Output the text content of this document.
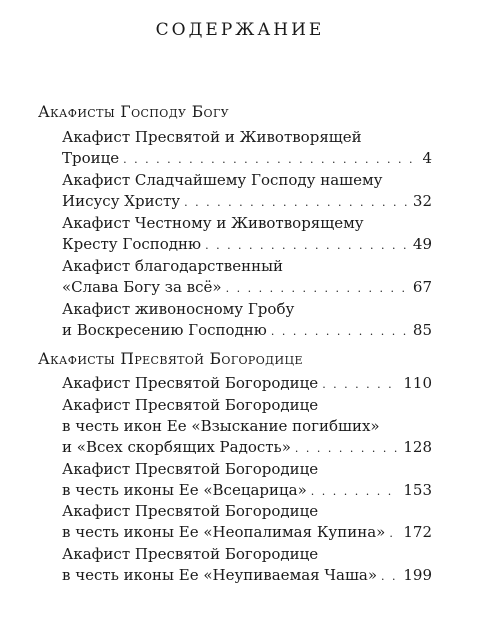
СОДЕРЖАНИЕ
Акафисты Господу Богу
Акафист Пресвятой и Животворящей
Троице . . .	4
Акафист Сладчайшему Господу нашему
Иисусу Христу . . .	32
Акафист Честному и Животворящему
Кресту Господню . . .	49
Акафист благодарственный
«Слава Богу за всё» . . .	67
Акафист живоносному Гробу
и Воскресению Господню . . .	85
Акафисты Пресвятой Богородице
Акафист Пресвятой Богородице . . .	110
Акафист Пресвятой Богородице
в честь икон Ее «Взыскание погибших»
и «Всех скорбящих Радость» . . .	128
Акафист Пресвятой Богородице
в честь иконы Ее «Всецарица» . . .	153
Акафист Пресвятой Богородице
в честь иконы Ее «Неопалимая Купина» . . . 172
Акафист Пресвятой Богородице
в честь иконы Ее «Неупиваемая Чаша» . . . 199
